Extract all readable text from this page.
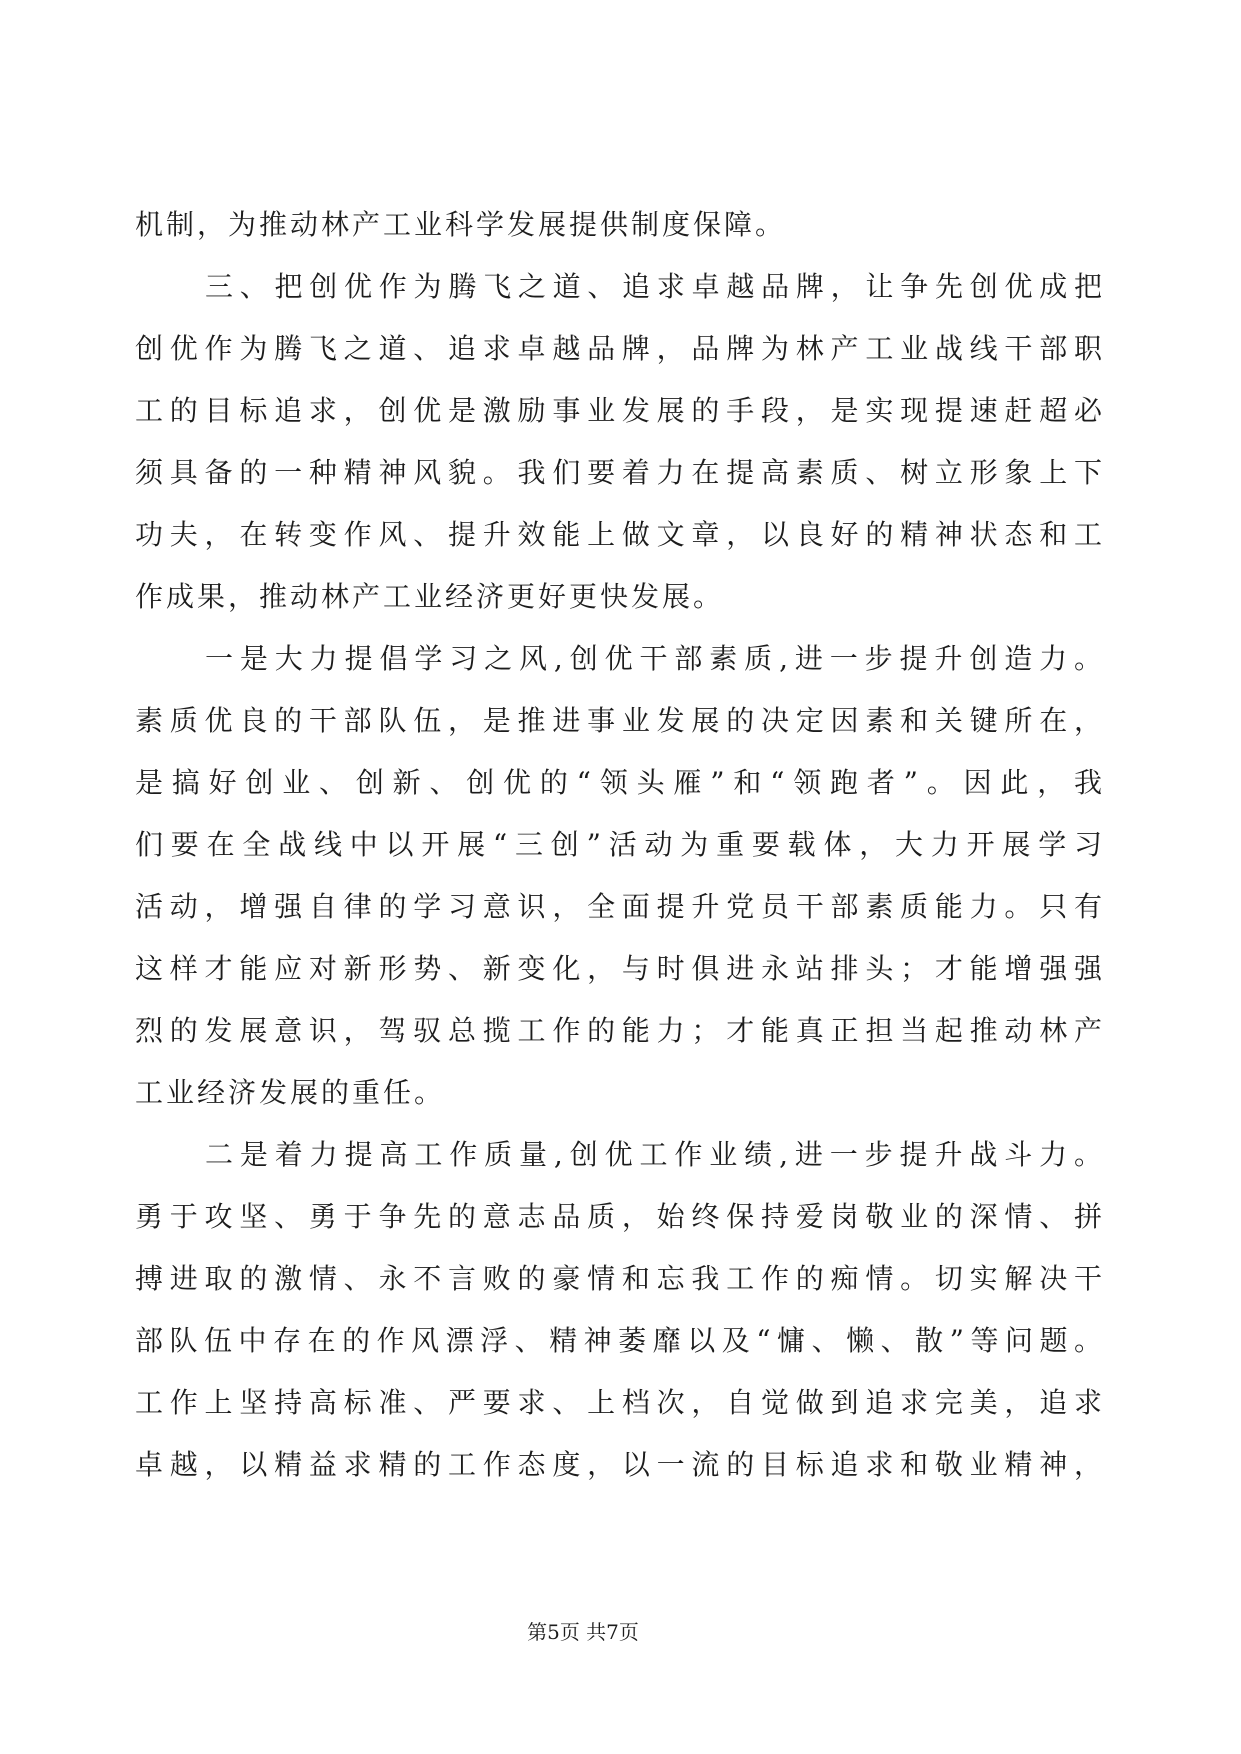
机制，为推动林产工业科学发展提供制度保障。
三、把创优作为腾飞之道、追求卓越品牌，让争先创优成把
创优作为腾飞之道、追求卓越品牌，品牌为林产工业战线干部职
工的目标追求，创优是激励事业发展的手段，是实现提速赶超必
须具备的一种精神风貌。我们要着力在提高素质、树立形象上下
功夫，在转变作风、提升效能上做文章，以良好的精神状态和工
作成果，推动林产工业经济更好更快发展。
一是大力提倡学习之风,创优干部素质,进一步提升创造力。
素质优良的干部队伍，是推进事业发展的决定因素和关键所在，
是搞好创业、创新、创优的“领头雁”和“领跑者”。因此，我
们要在全战线中以开展“三创”活动为重要载体，大力开展学习
活动，增强自律的学习意识，全面提升党员干部素质能力。只有
这样才能应对新形势、新变化，与时俱进永站排头；才能增强强
烈的发展意识，驾驭总揽工作的能力；才能真正担当起推动林产
工业经济发展的重任。
二是着力提高工作质量,创优工作业绩,进一步提升战斗力。
勇于攻坚、勇于争先的意志品质，始终保持爱岗敬业的深情、拼
搏进取的激情、永不言败的豪情和忘我工作的痴情。切实解决干
部队伍中存在的作风漂浮、精神萎靡以及“慵、懒、散”等问题。
工作上坚持高标准、严要求、上档次，自觉做到追求完美，追求
卓越，以精益求精的工作态度，以一流的目标追求和敬业精神，
第5页 共7页
